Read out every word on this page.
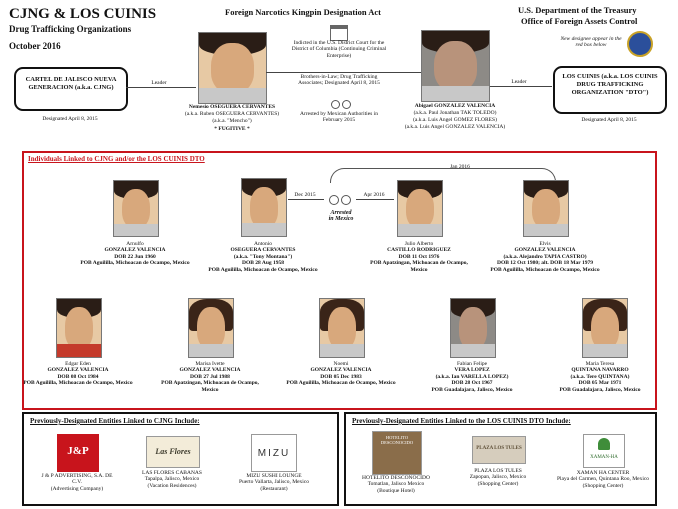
CJNG & LOS CUINIS
Drug Trafficking Organizations
October 2016
Foreign Narcotics Kingpin Designation Act	U.S. Department of the Treasury
Office of Foreign Assets Control
New designee appear in the red box below
CARTEL DE JALISCO NUEVA GENERACION (a.k.a. CJNG)
Designated April 8, 2015
Leader
Nemesio OSEGUERA CERVANTES
(a.k.a. Ruben OSEGUERA CERVANTES)
(a.k.a. "Mencho")
* FUGITIVE *
Indicted in the U.S. District Court for the District of Columbia (Continuing Criminal Enterprise)
Brothers-in-Law; Drug Trafficking Associates; Designated April 8, 2015
Arrested by Mexican Authorities in February 2015
Abigael GONZALEZ VALENCIA
(a.k.a. Paul Jonathan TAK TOLEDO)
(a.k.a. Luis Angel GOMEZ FLORES)
(a.k.a. Luis Angel GONZALEZ VALENCIA)
Leader
LOS CUINIS (a.k.a. LOS CUINIS DRUG TRAFFICKING ORGANIZATION "DTO")
Designated April 8, 2015
Individuals Linked to CJNG and/or the LOS CUINIS DTO
Jan 2016
Dec 2015	Apr 2016
Arrested in Mexico
Arnulfo
GONZALEZ VALENCIA
DOB 22 Jun 1960
POB Aguililla, Michoacan de Ocampo, Mexico
Antonio
OSEGUERA CERVANTES
(a.k.a. "Tony Montana")
DOB 28 Aug 1958
POB Aguililla, Michoacan de Ocampo, Mexico
Julio Alberto
CASTILLO RODRIGUEZ
DOB 11 Oct 1976
POB Apatzingan, Michoacan de Ocampo, Mexico
Elvis
GONZALEZ VALENCIA
(a.k.a. Alejandro TAPIA CASTRO)
DOB 12 Oct 1980; alt. DOB 18 Mar 1979
POB Aguililla, Michoacan de Ocampo, Mexico
Edgar Eden
GONZALEZ VALENCIA
DOB 08 Oct 1984
POB Aguililla, Michoacan de Ocampo, Mexico
Marisa Ivette
GONZALEZ VALENCIA
DOB 27 Jul 1988
POB Apatzingan, Michoacan de Ocampo, Mexico
Noemi
GONZALEZ VALENCIA
DOB 05 Dec 1983
POB Aguililla, Michoacan de Ocampo, Mexico
Fabian Felipe
VERA LOPEZ
(a.k.a. Ian VARELLA LOPEZ)
DOB 28 Oct 1967
POB Guadalajara, Jalisco, Mexico
Maria Teresa
QUINTANA NAVARRO
(a.k.a. Tere QUINTANA)
DOB 05 Mar 1971
POB Guadalajara, Jalisco, Mexico
Previously-Designated Entities Linked to CJNG Include:
J&P
J & P ADVERTISING, S.A. DE C.V.
(Advertising Company)
Las Flores
LAS FLORES CABANAS
Tapalpa, Jalisco, Mexico
(Vacation Residences)
MIZU
MIZU SUSHI LOUNGE
Puerto Vallarta, Jalisco, Mexico
(Restaurant)
Previously-Designated Entities Linked to the LOS CUINIS DTO Include:
HOTELITO DESCONOCIDO
HOTELITO DESCONOCIDO
Tomatlan, Jalisco Mexico
(Boutique Hotel)
PLAZA LOS TULES
PLAZA LOS TULES
Zapopan, Jalisco, Mexico
(Shopping Center)
XAMAN-HA
XAMAN HA CENTER
Playa del Carmen, Quintana Roo, Mexico
(Shopping Center)
